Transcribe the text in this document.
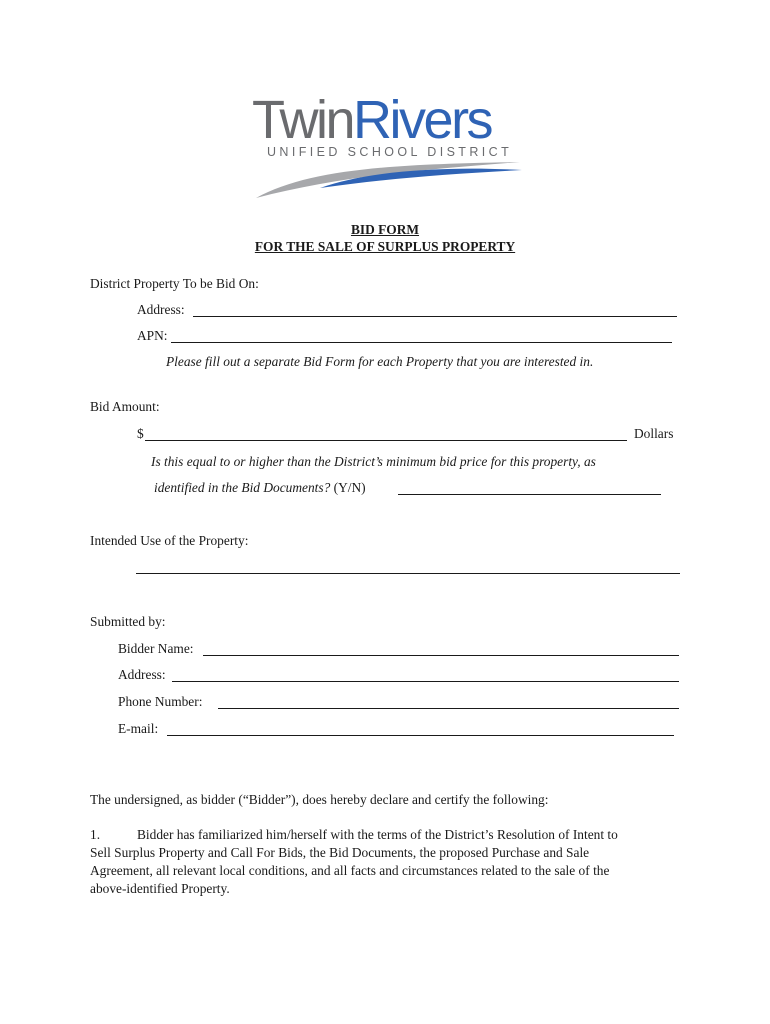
TwinRivers
UNIFIED SCHOOL DISTRICT
BID FORM
FOR THE SALE OF SURPLUS PROPERTY
District Property To be Bid On:
Address:
APN:
Please fill out a separate Bid Form for each Property that you are interested in.
Bid Amount:
$	Dollars
Is this equal to or higher than the District’s minimum bid price for this property, as
identified in the Bid Documents? (Y/N)
Intended Use of the Property:
Submitted by:
Bidder Name:
Address:
Phone Number:
E-mail:
The undersigned, as bidder (“Bidder”), does hereby declare and certify the following:
1.	Bidder has familiarized him/herself with the terms of the District’s Resolution of Intent to
Sell Surplus Property and Call For Bids, the Bid Documents, the proposed Purchase and Sale
Agreement, all relevant local conditions, and all facts and circumstances related to the sale of the
above-identified Property.
